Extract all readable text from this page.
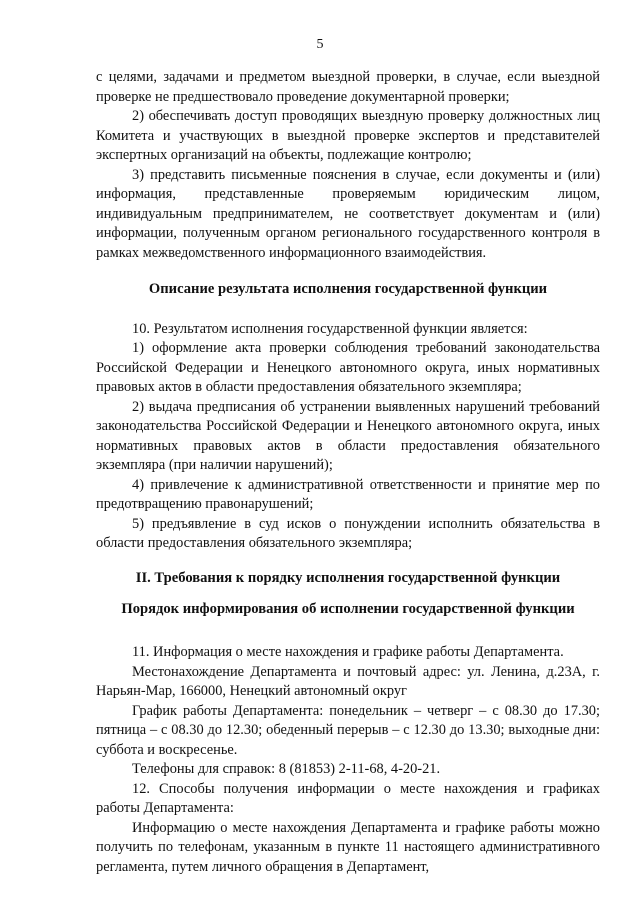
5

с целями, задачами и предметом выездной проверки, в случае, если выездной проверке не предшествовало проведение документарной проверки;

2) обеспечивать доступ проводящих выездную проверку должностных лиц Комитета и участвующих в выездной проверке экспертов и представителей экспертных организаций на объекты, подлежащие контролю;

3) представить письменные пояснения в случае, если документы и (или) информация, представленные проверяемым юридическим лицом, индивидуальным предпринимателем, не соответствует документам и (или) информации, полученным органом регионального государственного контроля в рамках межведомственного информационного взаимодействия.

Описание результата исполнения государственной функции

10. Результатом исполнения государственной функции является:

1) оформление акта проверки соблюдения требований законодательства Российской Федерации и Ненецкого автономного округа, иных нормативных правовых актов в области предоставления обязательного экземпляра;

2) выдача предписания об устранении выявленных нарушений требований законодательства Российской Федерации и Ненецкого автономного округа, иных нормативных правовых актов в области предоставления обязательного экземпляра (при наличии нарушений);

4) привлечение к административной ответственности и принятие мер по предотвращению правонарушений;

5) предъявление в суд исков о понуждении исполнить обязательства в области предоставления обязательного экземпляра;

II. Требования к порядку исполнения государственной функции

Порядок информирования об исполнении государственной функции

11. Информация о месте нахождения и графике работы Департамента.

Местонахождение Департамента и почтовый адрес: ул. Ленина, д.23А, г. Нарьян-Мар, 166000, Ненецкий автономный округ

График работы Департамента: понедельник – четверг – с 08.30 до 17.30; пятница – с 08.30 до 12.30; обеденный перерыв – с 12.30 до 13.30; выходные дни: суббота и воскресенье.

Телефоны для справок: 8 (81853) 2-11-68, 4-20-21.

12. Способы получения информации о месте нахождения и графиках работы Департамента:

Информацию о месте нахождения Департамента и графике работы можно получить по телефонам, указанным в пункте 11 настоящего административного регламента, путем личного обращения в Департамент,
